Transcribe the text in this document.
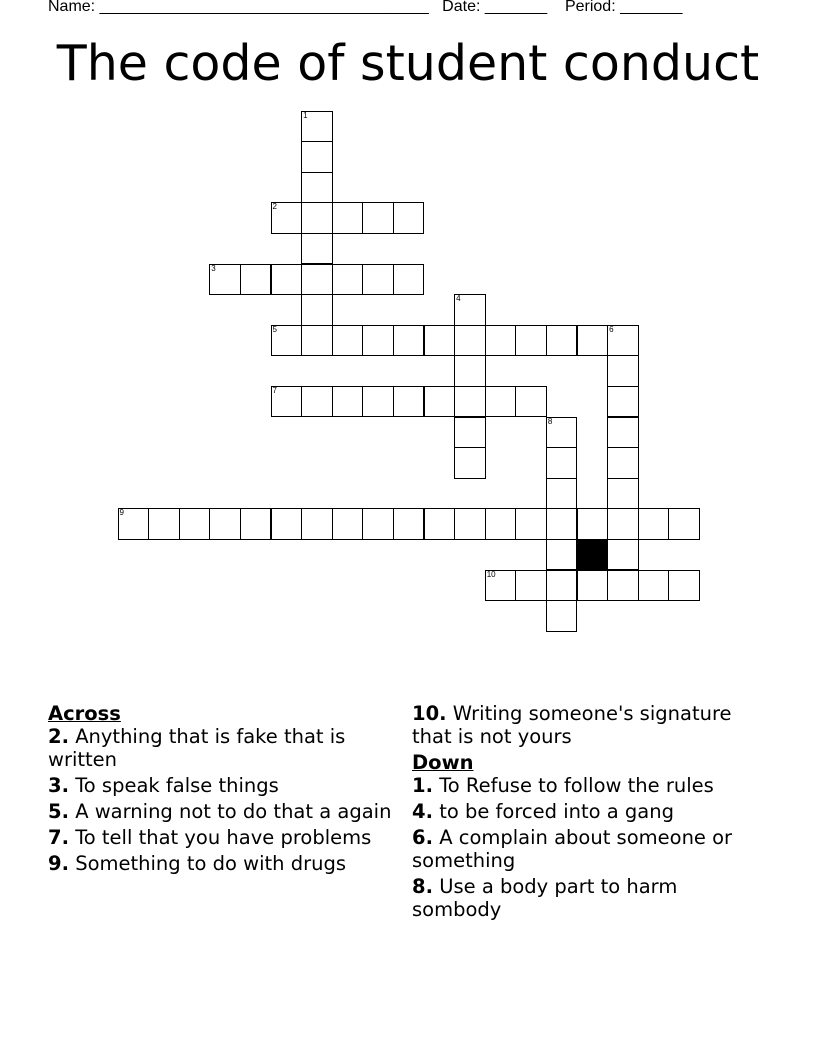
Name: _____________________________________ Date: _______ Period: _______
The code of student conduct
1
2
3
4
5	6
7
8
9
10
Across
2. Anything that is fake that is written
3. To speak false things
5. A warning not to do that a again
7. To tell that you have problems
9. Something to do with drugs
10. Writing someone's signature that is not yours
Down
1. To Refuse to follow the rules
4. to be forced into a gang
6. A complain about someone or something
8. Use a body part to harm sombody
